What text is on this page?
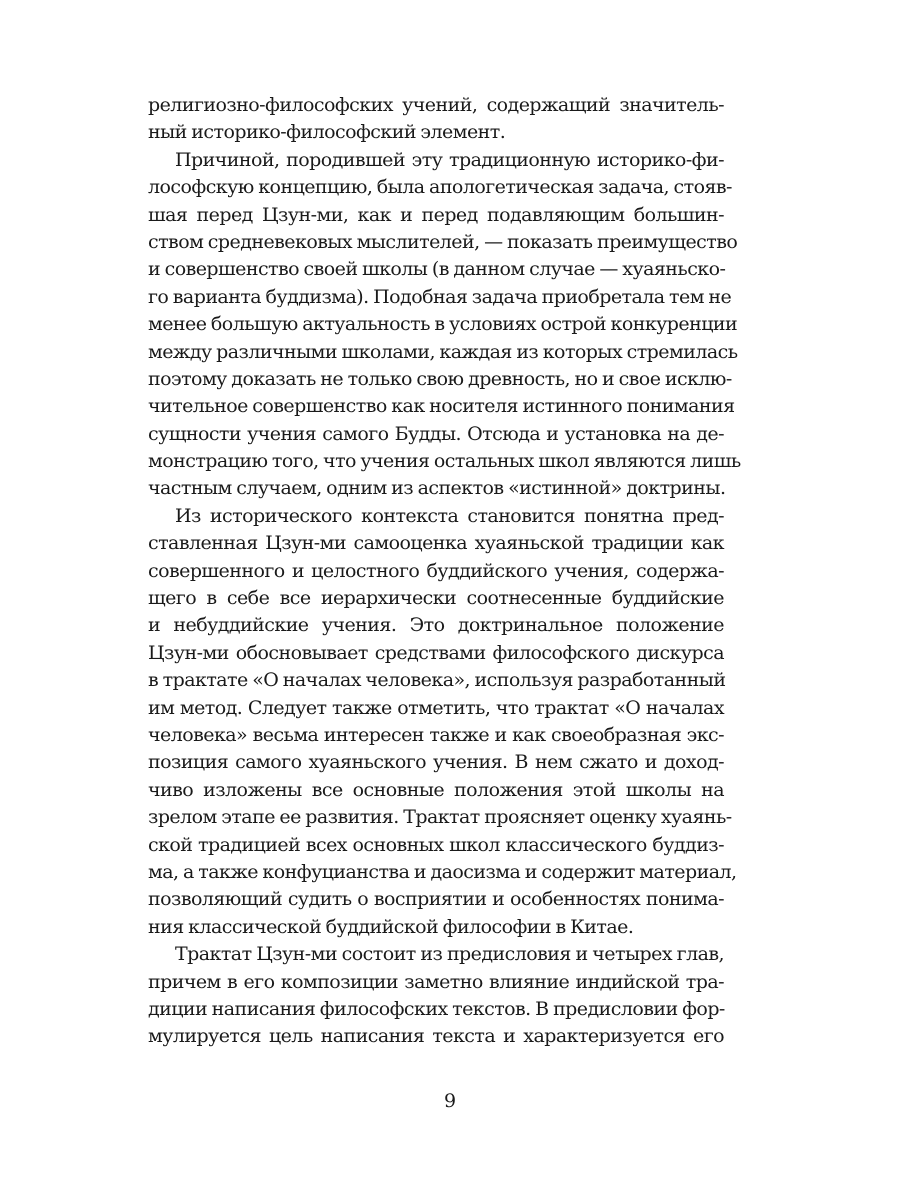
религиозно-философских учений, содержащий значитель-
ный историко-философский элемент.
Причиной, породившей эту традиционную историко-фи-
лософскую концепцию, была апологетическая задача, стояв-
шая перед Цзун-ми, как и перед подавляющим большин-
ством средневековых мыслителей, — показать преимущество
и совершенство своей школы (в данном случае — хуаяньско-
го варианта буддизма). Подобная задача приобретала тем не
менее большую актуальность в условиях острой конкуренции
между различными школами, каждая из которых стремилась
поэтому доказать не только свою древность, но и свое исклю-
чительное совершенство как носителя истинного понимания
сущности учения самого Будды. Отсюда и установка на де-
монстрацию того, что учения остальных школ являются лишь
частным случаем, одним из аспектов «истинной» доктрины.
Из исторического контекста становится понятна пред-
ставленная Цзун-ми самооценка хуаяньской традиции как
совершенного и целостного буддийского учения, содержа-
щего в себе все иерархически соотнесенные буддийские
и небуддийские учения. Это доктринальное положение
Цзун-ми обосновывает средствами философского дискурса
в трактате «О началах человека», используя разработанный
им метод. Следует также отметить, что трактат «О началах
человека» весьма интересен также и как своеобразная экс-
позиция самого хуаяньского учения. В нем сжато и доход-
чиво изложены все основные положения этой школы на
зрелом этапе ее развития. Трактат проясняет оценку хуаянь-
ской традицией всех основных школ классического буддиз-
ма, а также конфуцианства и даосизма и содержит материал,
позволяющий судить о восприятии и особенностях понима-
ния классической буддийской философии в Китае.
Трактат Цзун-ми состоит из предисловия и четырех глав,
причем в его композиции заметно влияние индийской тра-
диции написания философских текстов. В предисловии фор-
мулируется цель написания текста и характеризуется его
9
